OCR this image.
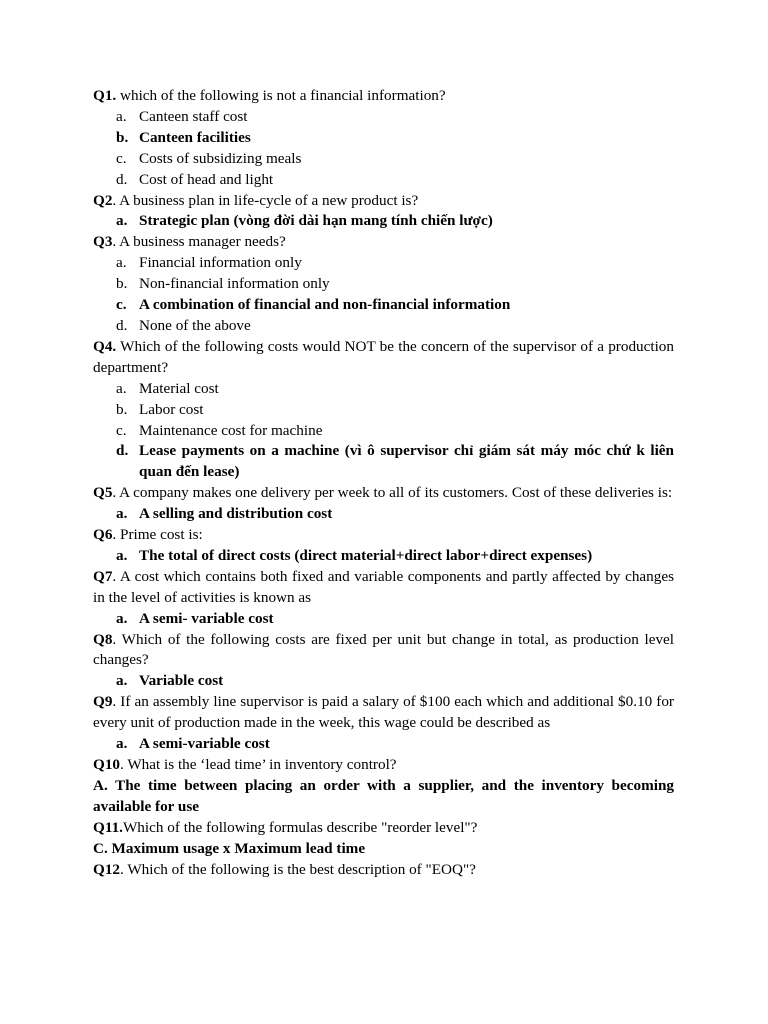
Q1. which of the following is not a financial information?
a. Canteen staff cost
b. Canteen facilities
c. Costs of subsidizing meals
d. Cost of head and light
Q2. A business plan in life-cycle of a new product is?
a. Strategic plan (vòng đời dài hạn mang tính chiến lược)
Q3. A business manager needs?
a. Financial information only
b. Non-financial information only
c. A combination of financial and non-financial information
d. None of the above
Q4. Which of the following costs would NOT be the concern of the supervisor of a production department?
a. Material cost
b. Labor cost
c. Maintenance cost for machine
d. Lease payments on a machine (vì ô supervisor chỉ giám sát máy móc chứ k liên quan đến lease)
Q5. A company makes one delivery per week to all of its customers. Cost of these deliveries is:
a. A selling and distribution cost
Q6. Prime cost is:
a. The total of direct costs (direct material+direct labor+direct expenses)
Q7. A cost which contains both fixed and variable components and partly affected by changes in the level of activities is known as
a. A semi- variable cost
Q8. Which of the following costs are fixed per unit but change in total, as production level changes?
a. Variable cost
Q9. If an assembly line supervisor is paid a salary of $100 each which and additional $0.10 for every unit of production made in the week, this wage could be described as
a. A semi-variable cost
Q10. What is the ‘lead time’ in inventory control?
A. The time between placing an order with a supplier, and the inventory becoming available for use
Q11.Which of the following formulas describe "reorder level"?
C. Maximum usage x Maximum lead time
Q12. Which of the following is the best description of "EOQ"?
